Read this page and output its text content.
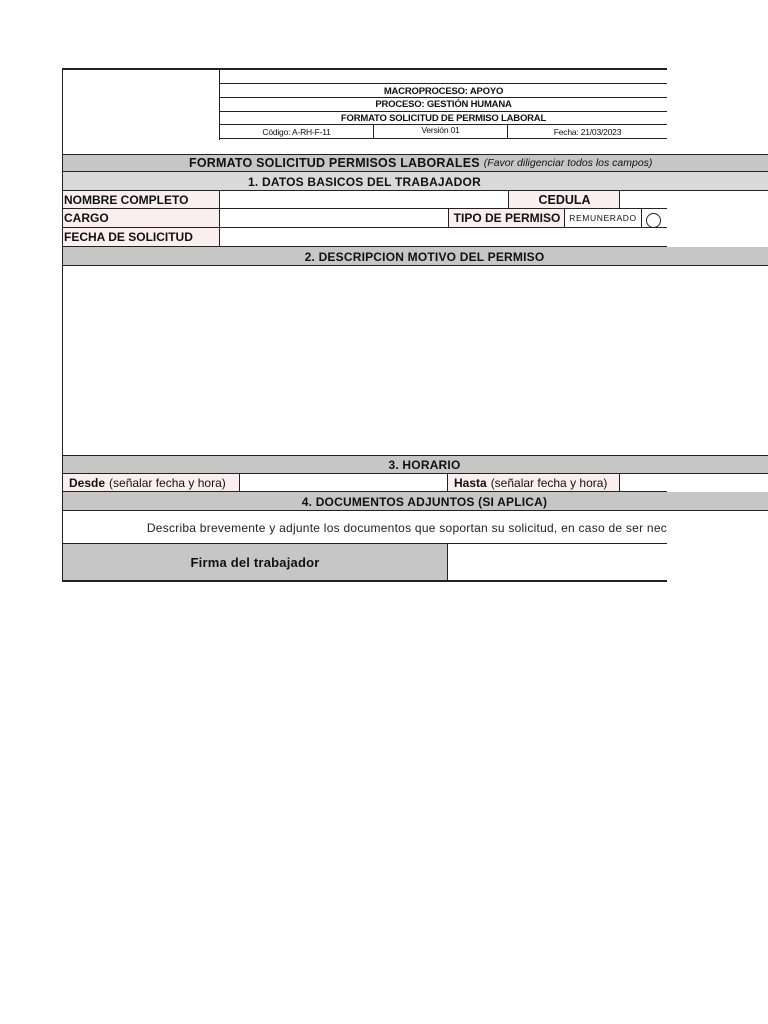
MACROPROCESO: APOYO
PROCESO: GESTIÓN HUMANA
FORMATO SOLICITUD DE PERMISO LABORAL
Código: A-RH-F-11	Versión 01	Fecha: 21/03/2023
FORMATO SOLICITUD PERMISOS LABORALES (Favor diligenciar todos los campos)
1. DATOS BASICOS DEL TRABAJADOR
NOMBRE COMPLETO	CEDULA
CARGO	TIPO DE PERMISO	REMUNERADO
FECHA DE SOLICITUD
2. DESCRIPCION MOTIVO DEL PERMISO
3. HORARIO
Desde (señalar fecha y hora)	Hasta (señalar fecha y hora)
4. DOCUMENTOS ADJUNTOS (SI APLICA)
Describa brevemente y adjunte los documentos que soportan su solicitud, en caso de ser nec
Firma del trabajador
